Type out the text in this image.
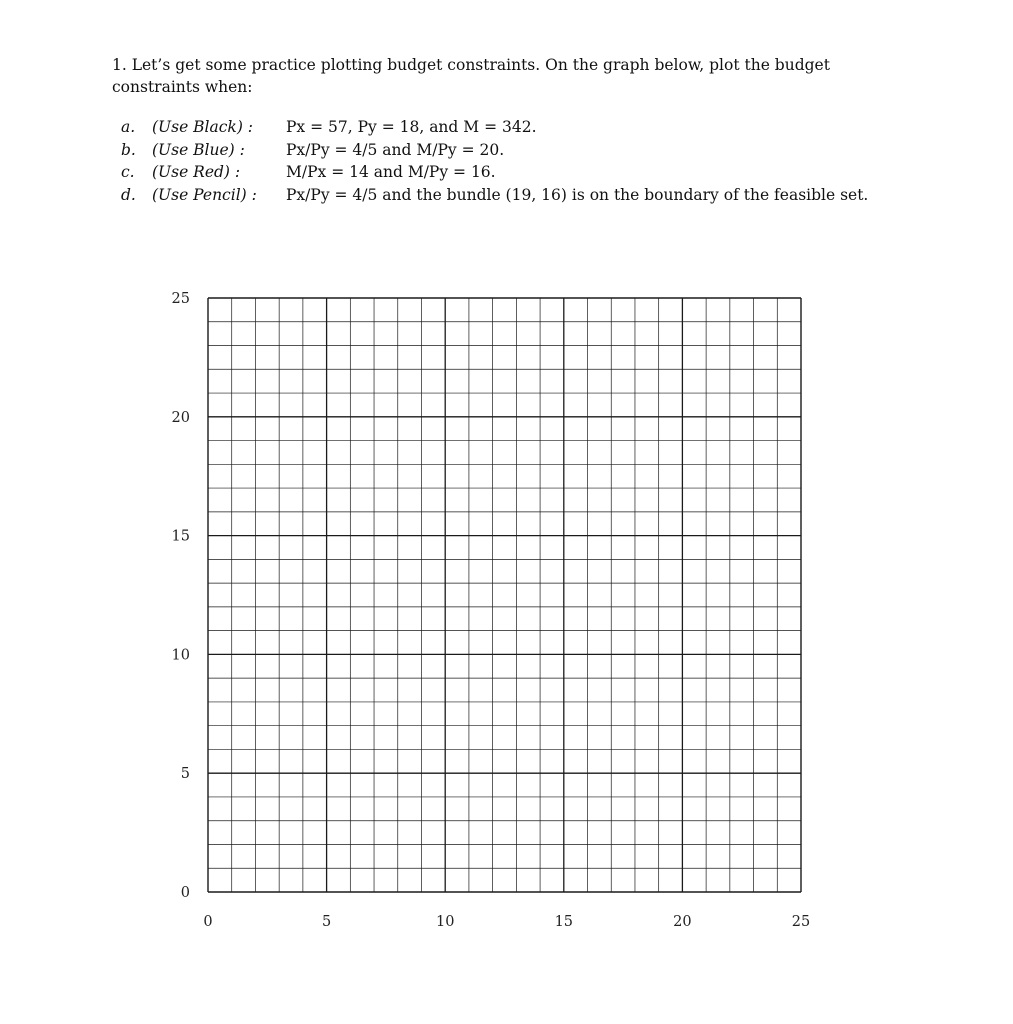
1. Let’s get some practice plotting budget constraints. On the graph below, plot the budget constraints when:

a. (Use Black) : Px = 57, Py = 18, and M = 342.
b. (Use Blue) :	Px/Py = 4/5 and M/Py = 20.
c. (Use Red) :	M/Px = 14 and M/Py = 16.
d. (Use Pencil) : Px/Py = 4/5 and the bundle (19, 16) is on the boundary of the feasible set.
0	5	10	15	20	25
0
5
10
15
20
25
